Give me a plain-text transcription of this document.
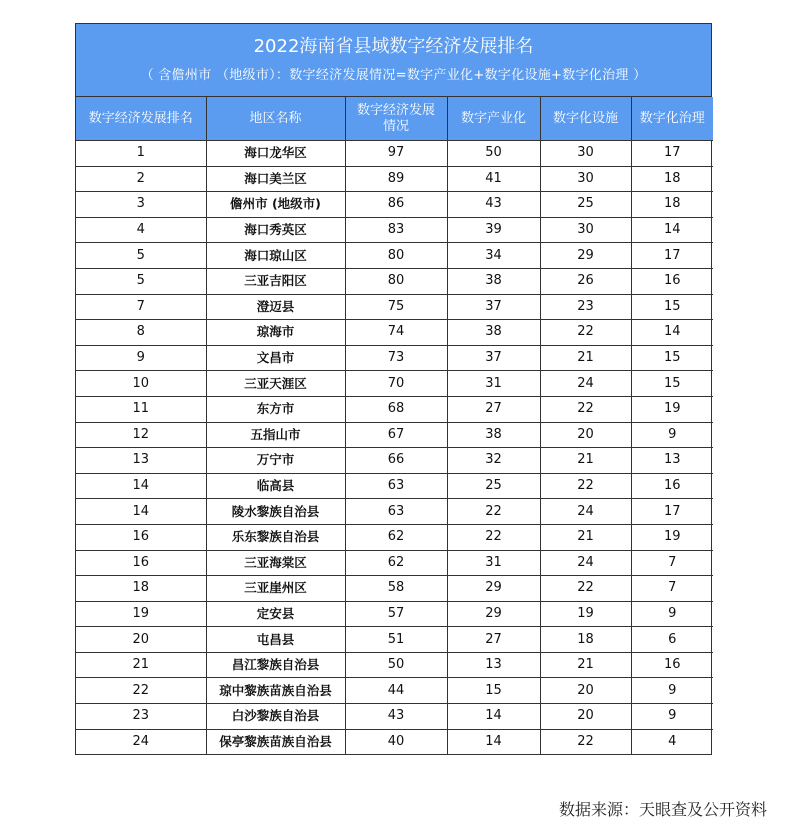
2022海南省县域数字经济发展排名
（ 含儋州市 （地级市）：数字经济发展情况=数字产业化+数字化设施+数字化治理 ）
数字经济发展排名	地区名称	数字经济发展情况	数字产业化	数字化设施	数字化治理
1	海口龙华区	97	50	30	17
2	海口美兰区	89	41	30	18
3	儋州市 (地级市)	86	43	25	18
4	海口秀英区	83	39	30	14
5	海口琼山区	80	34	29	17
5	三亚吉阳区	80	38	26	16
7	澄迈县	75	37	23	15
8	琼海市	74	38	22	14
9	文昌市	73	37	21	15
10	三亚天涯区	70	31	24	15
11	东方市	68	27	22	19
12	五指山市	67	38	20	9
13	万宁市	66	32	21	13
14	临高县	63	25	22	16
14	陵水黎族自治县	63	22	24	17
16	乐东黎族自治县	62	22	21	19
16	三亚海棠区	62	31	24	7
18	三亚崖州区	58	29	22	7
19	定安县	57	29	19	9
20	屯昌县	51	27	18	6
21	昌江黎族自治县	50	13	21	16
22	琼中黎族苗族自治县	44	15	20	9
23	白沙黎族自治县	43	14	20	9
24	保亭黎族苗族自治县	40	14	22	4
数据来源：天眼查及公开资料
